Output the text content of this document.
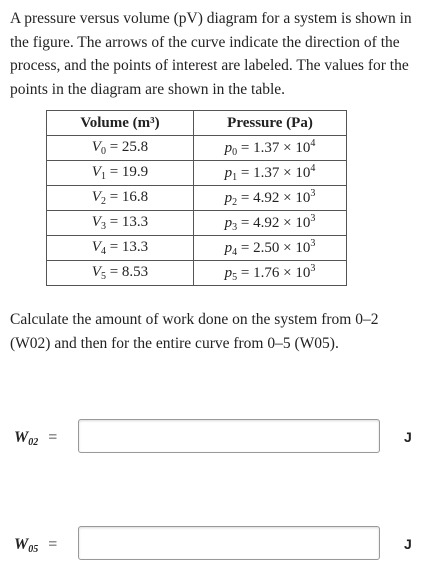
A pressure versus volume (pV) diagram for a system is shown in the figure. The arrows of the curve indicate the direction of the process, and the points of interest are labeled. The values for the points in the diagram are shown in the table.

Volume (m³)	Pressure (Pa)
$V_0 = 25.8$	$p_0 = 1.37 \times 10^4$
$V_1 = 19.9$	$p_1 = 1.37 \times 10^4$
$V_2 = 16.8$	$p_2 = 4.92 \times 10^3$
$V_3 = 13.3$	$p_3 = 4.92 \times 10^3$
$V_4 = 13.3$	$p_4 = 2.50 \times 10^3$
$V_5 = 8.53$	$p_5 = 1.76 \times 10^3$

Calculate the amount of work done on the system from 0–2 (W02) and then for the entire curve from 0–5 (W05).

$W_{02}$ =	J
$W_{05}$ =	J
